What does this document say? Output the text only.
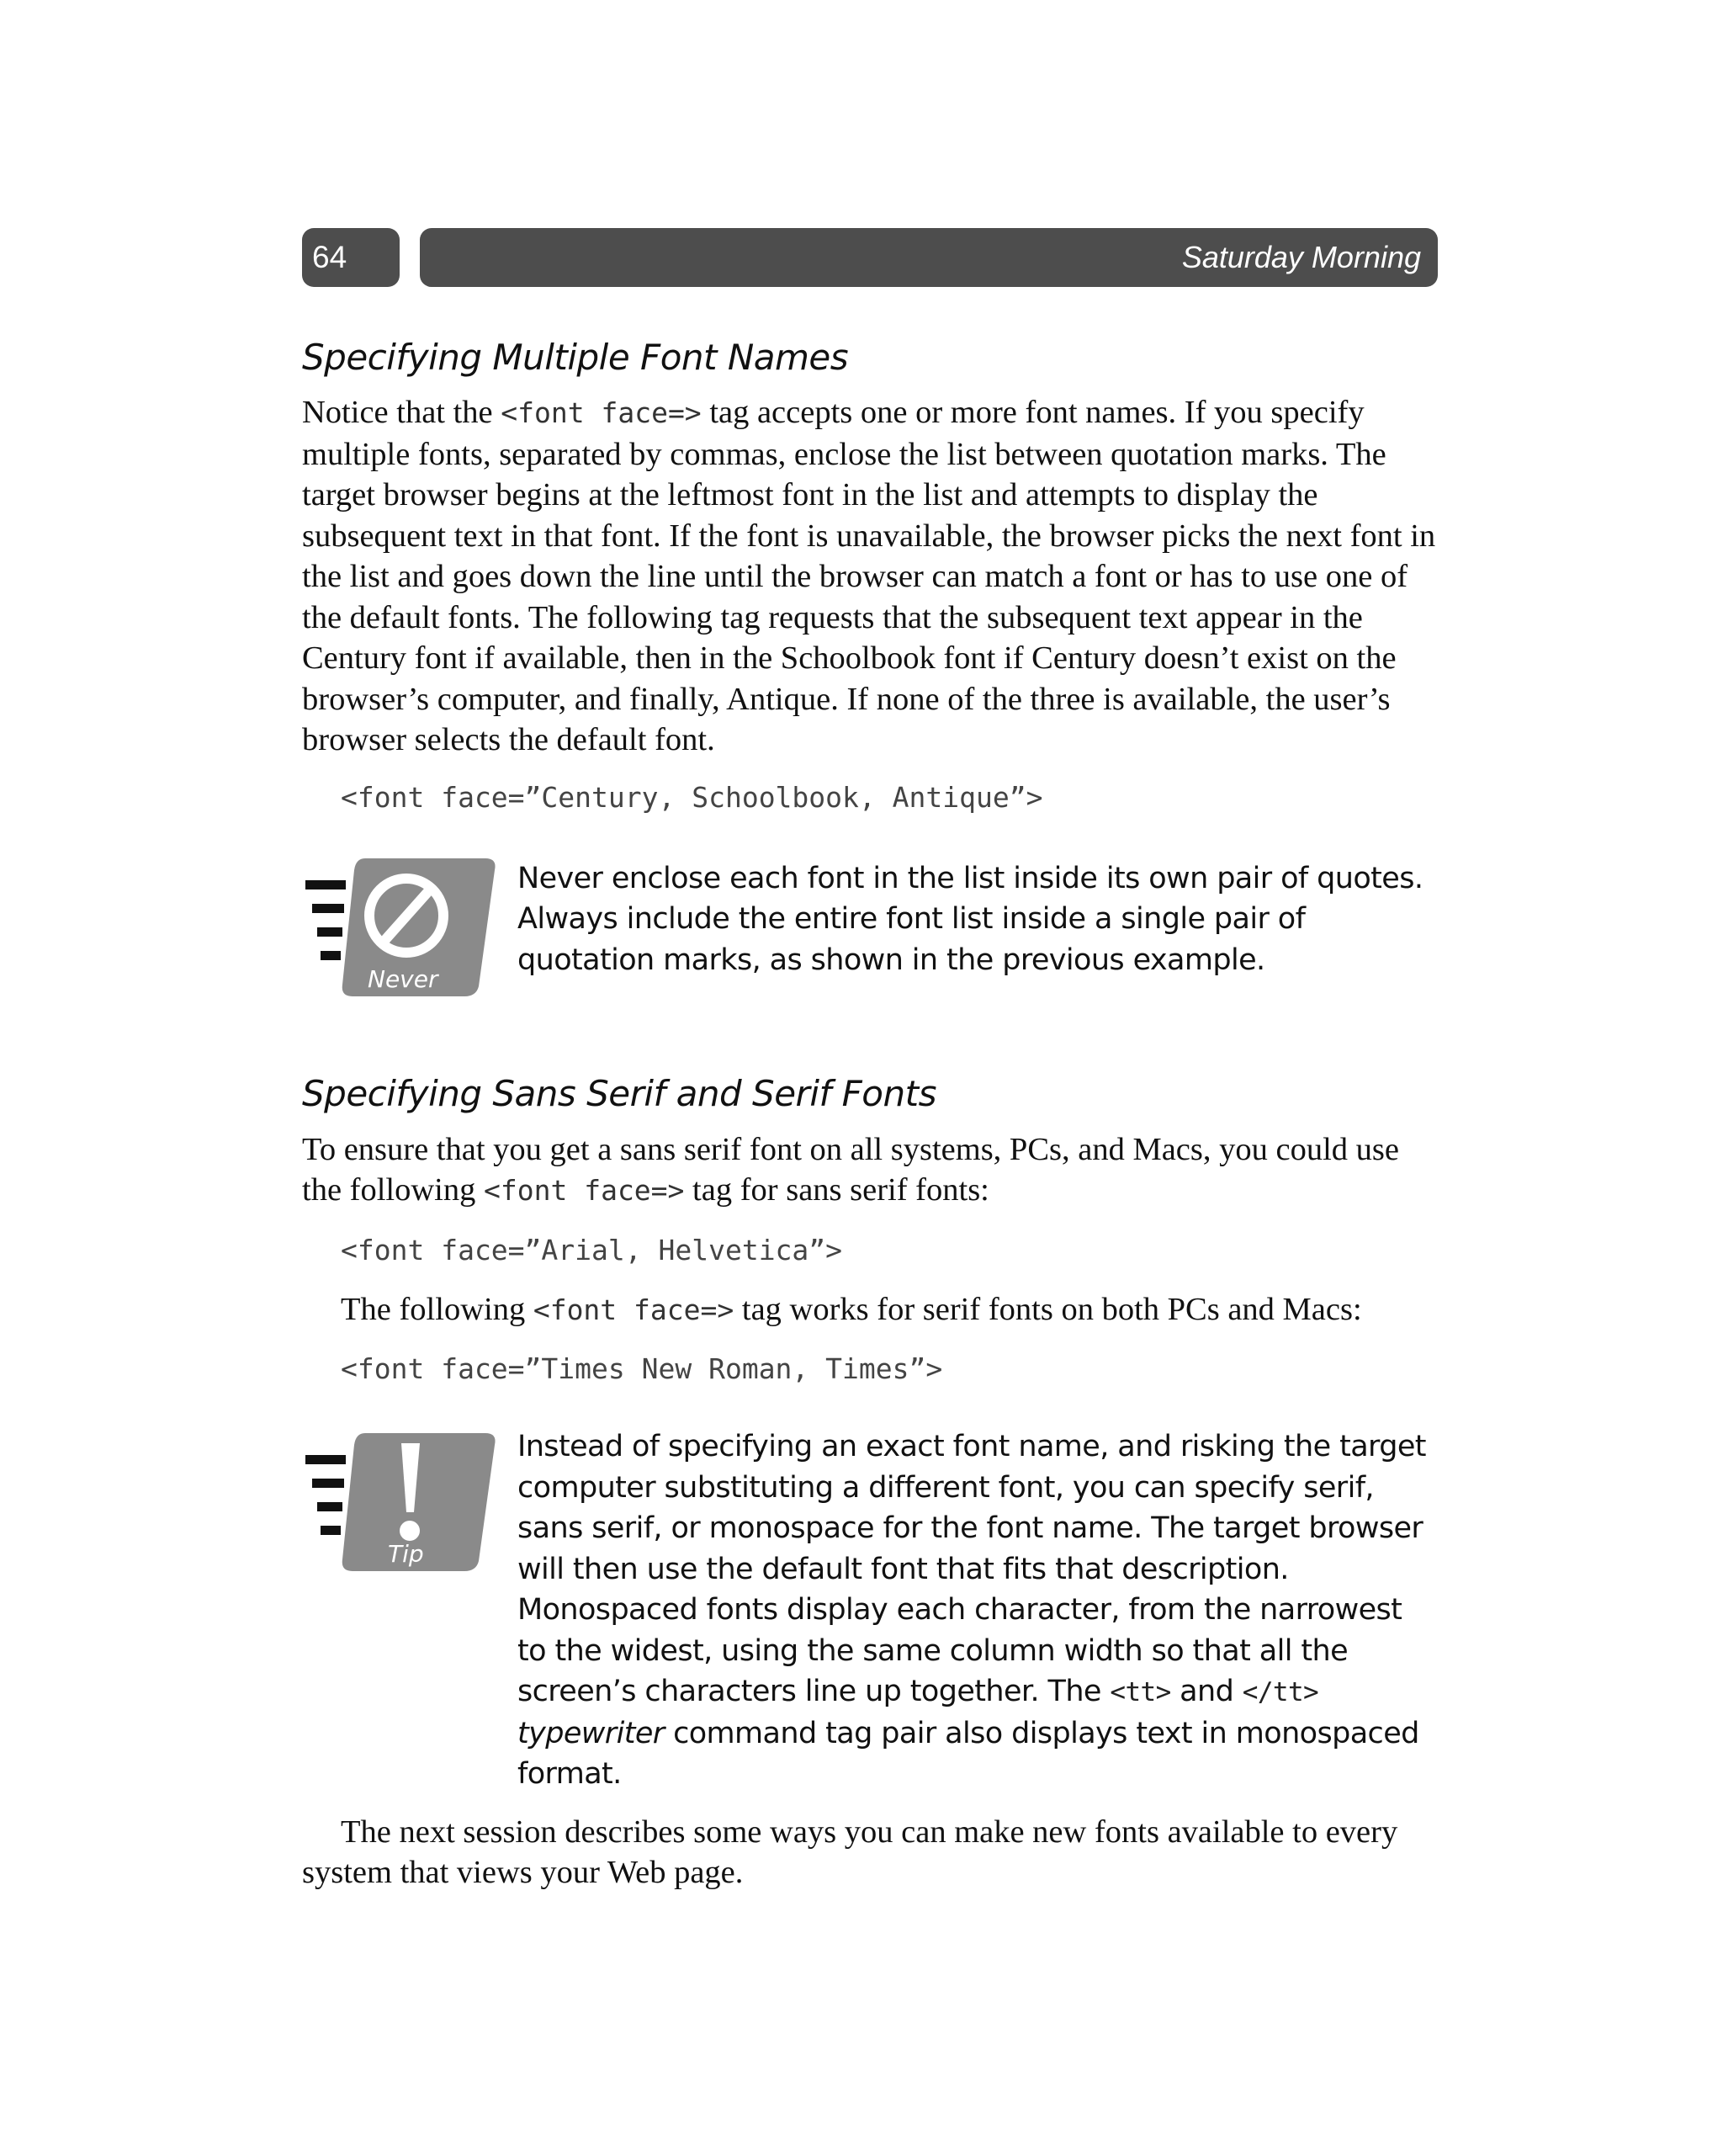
64	Saturday Morning
Specifying Multiple Font Names

Notice that the <font face=> tag accepts one or more font names. If you specify multiple fonts, separated by commas, enclose the list between quotation marks. The target browser begins at the leftmost font in the list and attempts to display the subsequent text in that font. If the font is unavailable, the browser picks the next font in the list and goes down the line until the browser can match a font or has to use one of the default fonts. The following tag requests that the subsequent text appear in the Century font if available, then in the Schoolbook font if Century doesn’t exist on the browser’s computer, and finally, Antique. If none of the three is available, the user’s browser selects the default font.

<font face=”Century, Schoolbook, Antique”>

Never

Never enclose each font in the list inside its own pair of quotes. Always include the entire font list inside a single pair of quotation marks, as shown in the previous example.

Specifying Sans Serif and Serif Fonts

To ensure that you get a sans serif font on all systems, PCs, and Macs, you could use the following <font face=> tag for sans serif fonts:

<font face=”Arial, Helvetica”>

The following <font face=> tag works for serif fonts on both PCs and Macs:

<font face=”Times New Roman, Times”>

Tip

Instead of specifying an exact font name, and risking the target computer substituting a different font, you can specify serif, sans serif, or monospace for the font name. The target browser will then use the default font that fits that description. Monospaced fonts display each character, from the narrowest to the widest, using the same column width so that all the screen’s characters line up together. The <tt> and </tt> typewriter command tag pair also displays text in monospaced format.

The next session describes some ways you can make new fonts available to every system that views your Web page.
